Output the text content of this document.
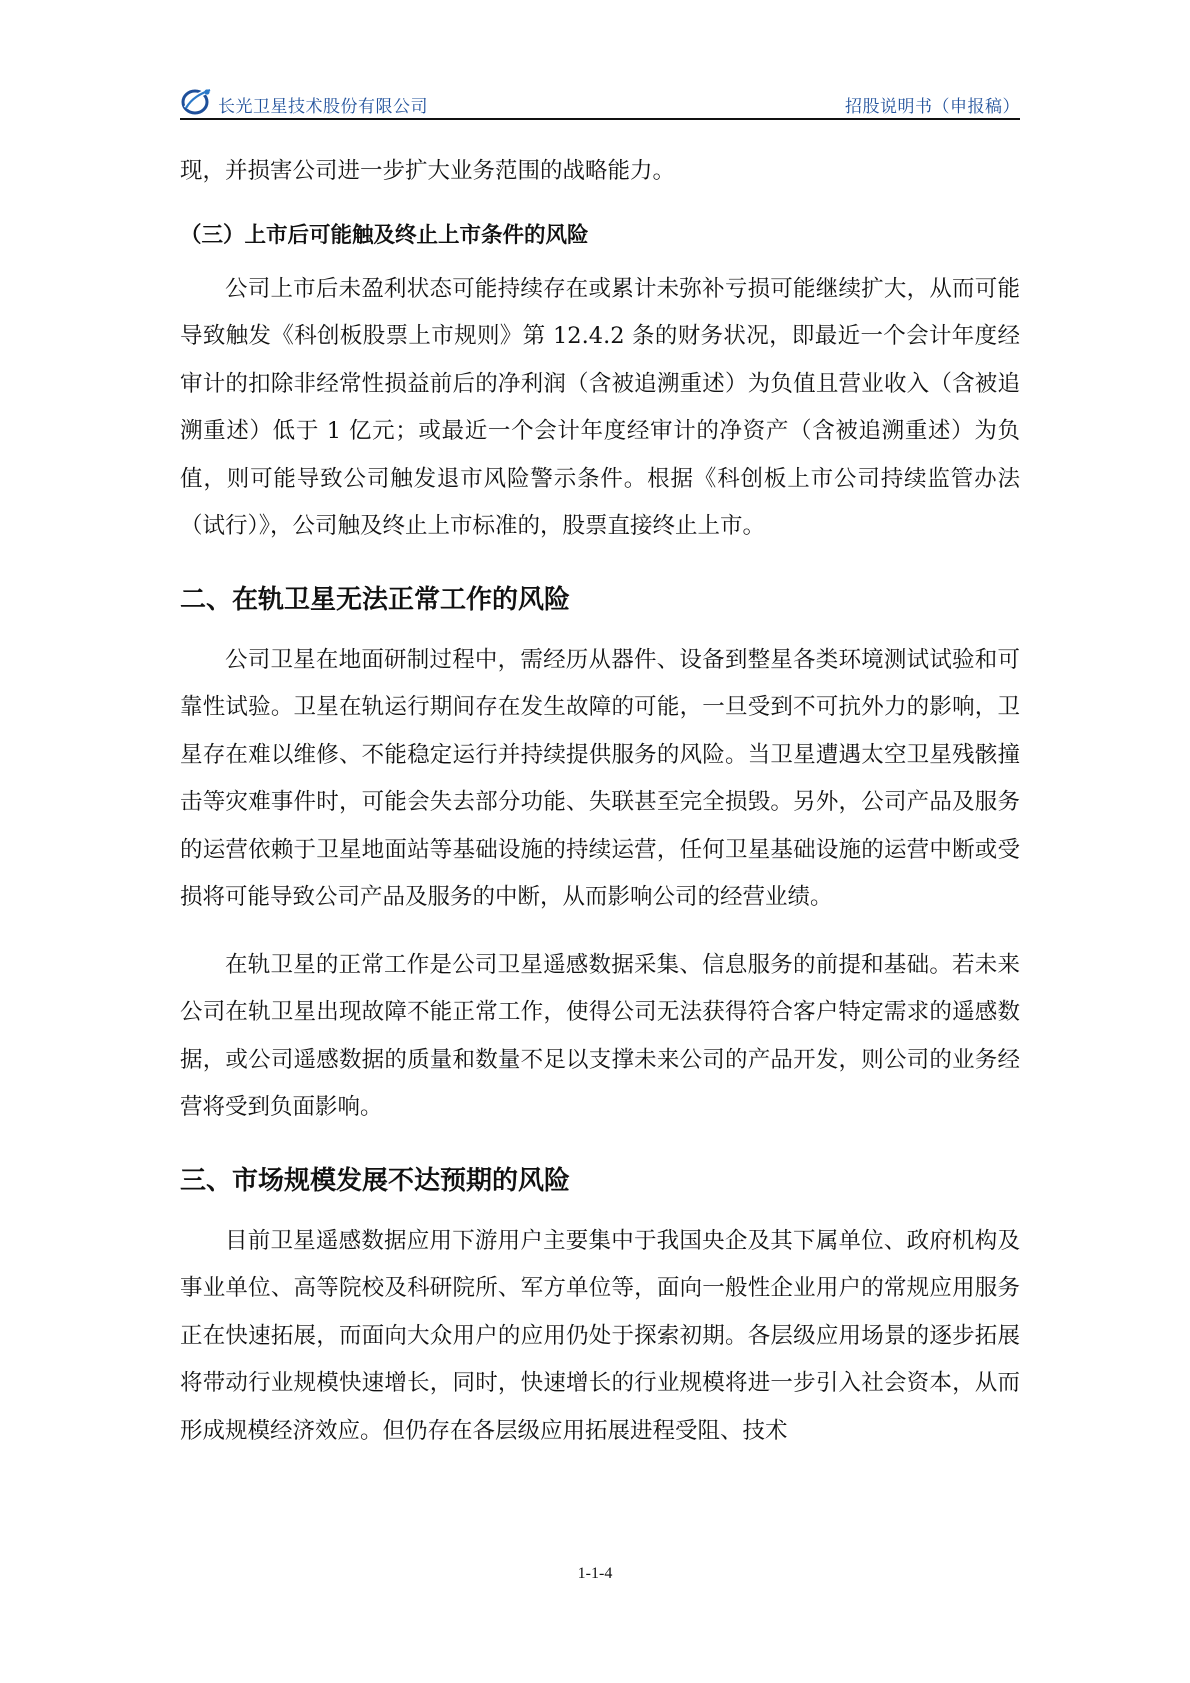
长光卫星技术股份有限公司	招股说明书（申报稿）

现，并损害公司进一步扩大业务范围的战略能力。

（三）上市后可能触及终止上市条件的风险

公司上市后未盈利状态可能持续存在或累计未弥补亏损可能继续扩大，从而可能导致触发《科创板股票上市规则》第 12.4.2 条的财务状况，即最近一个会计年度经审计的扣除非经常性损益前后的净利润（含被追溯重述）为负值且营业收入（含被追溯重述）低于 1 亿元；或最近一个会计年度经审计的净资产（含被追溯重述）为负值，则可能导致公司触发退市风险警示条件。根据《科创板上市公司持续监管办法（试行）》，公司触及终止上市标准的，股票直接终止上市。

二、在轨卫星无法正常工作的风险

公司卫星在地面研制过程中，需经历从器件、设备到整星各类环境测试试验和可靠性试验。卫星在轨运行期间存在发生故障的可能，一旦受到不可抗外力的影响，卫星存在难以维修、不能稳定运行并持续提供服务的风险。当卫星遭遇太空卫星残骸撞击等灾难事件时，可能会失去部分功能、失联甚至完全损毁。另外，公司产品及服务的运营依赖于卫星地面站等基础设施的持续运营，任何卫星基础设施的运营中断或受损将可能导致公司产品及服务的中断，从而影响公司的经营业绩。

在轨卫星的正常工作是公司卫星遥感数据采集、信息服务的前提和基础。若未来公司在轨卫星出现故障不能正常工作，使得公司无法获得符合客户特定需求的遥感数据，或公司遥感数据的质量和数量不足以支撑未来公司的产品开发，则公司的业务经营将受到负面影响。

三、市场规模发展不达预期的风险

目前卫星遥感数据应用下游用户主要集中于我国央企及其下属单位、政府机构及事业单位、高等院校及科研院所、军方单位等，面向一般性企业用户的常规应用服务正在快速拓展，而面向大众用户的应用仍处于探索初期。各层级应用场景的逐步拓展将带动行业规模快速增长，同时，快速增长的行业规模将进一步引入社会资本，从而形成规模经济效应。但仍存在各层级应用拓展进程受阻、技术

1-1-4
